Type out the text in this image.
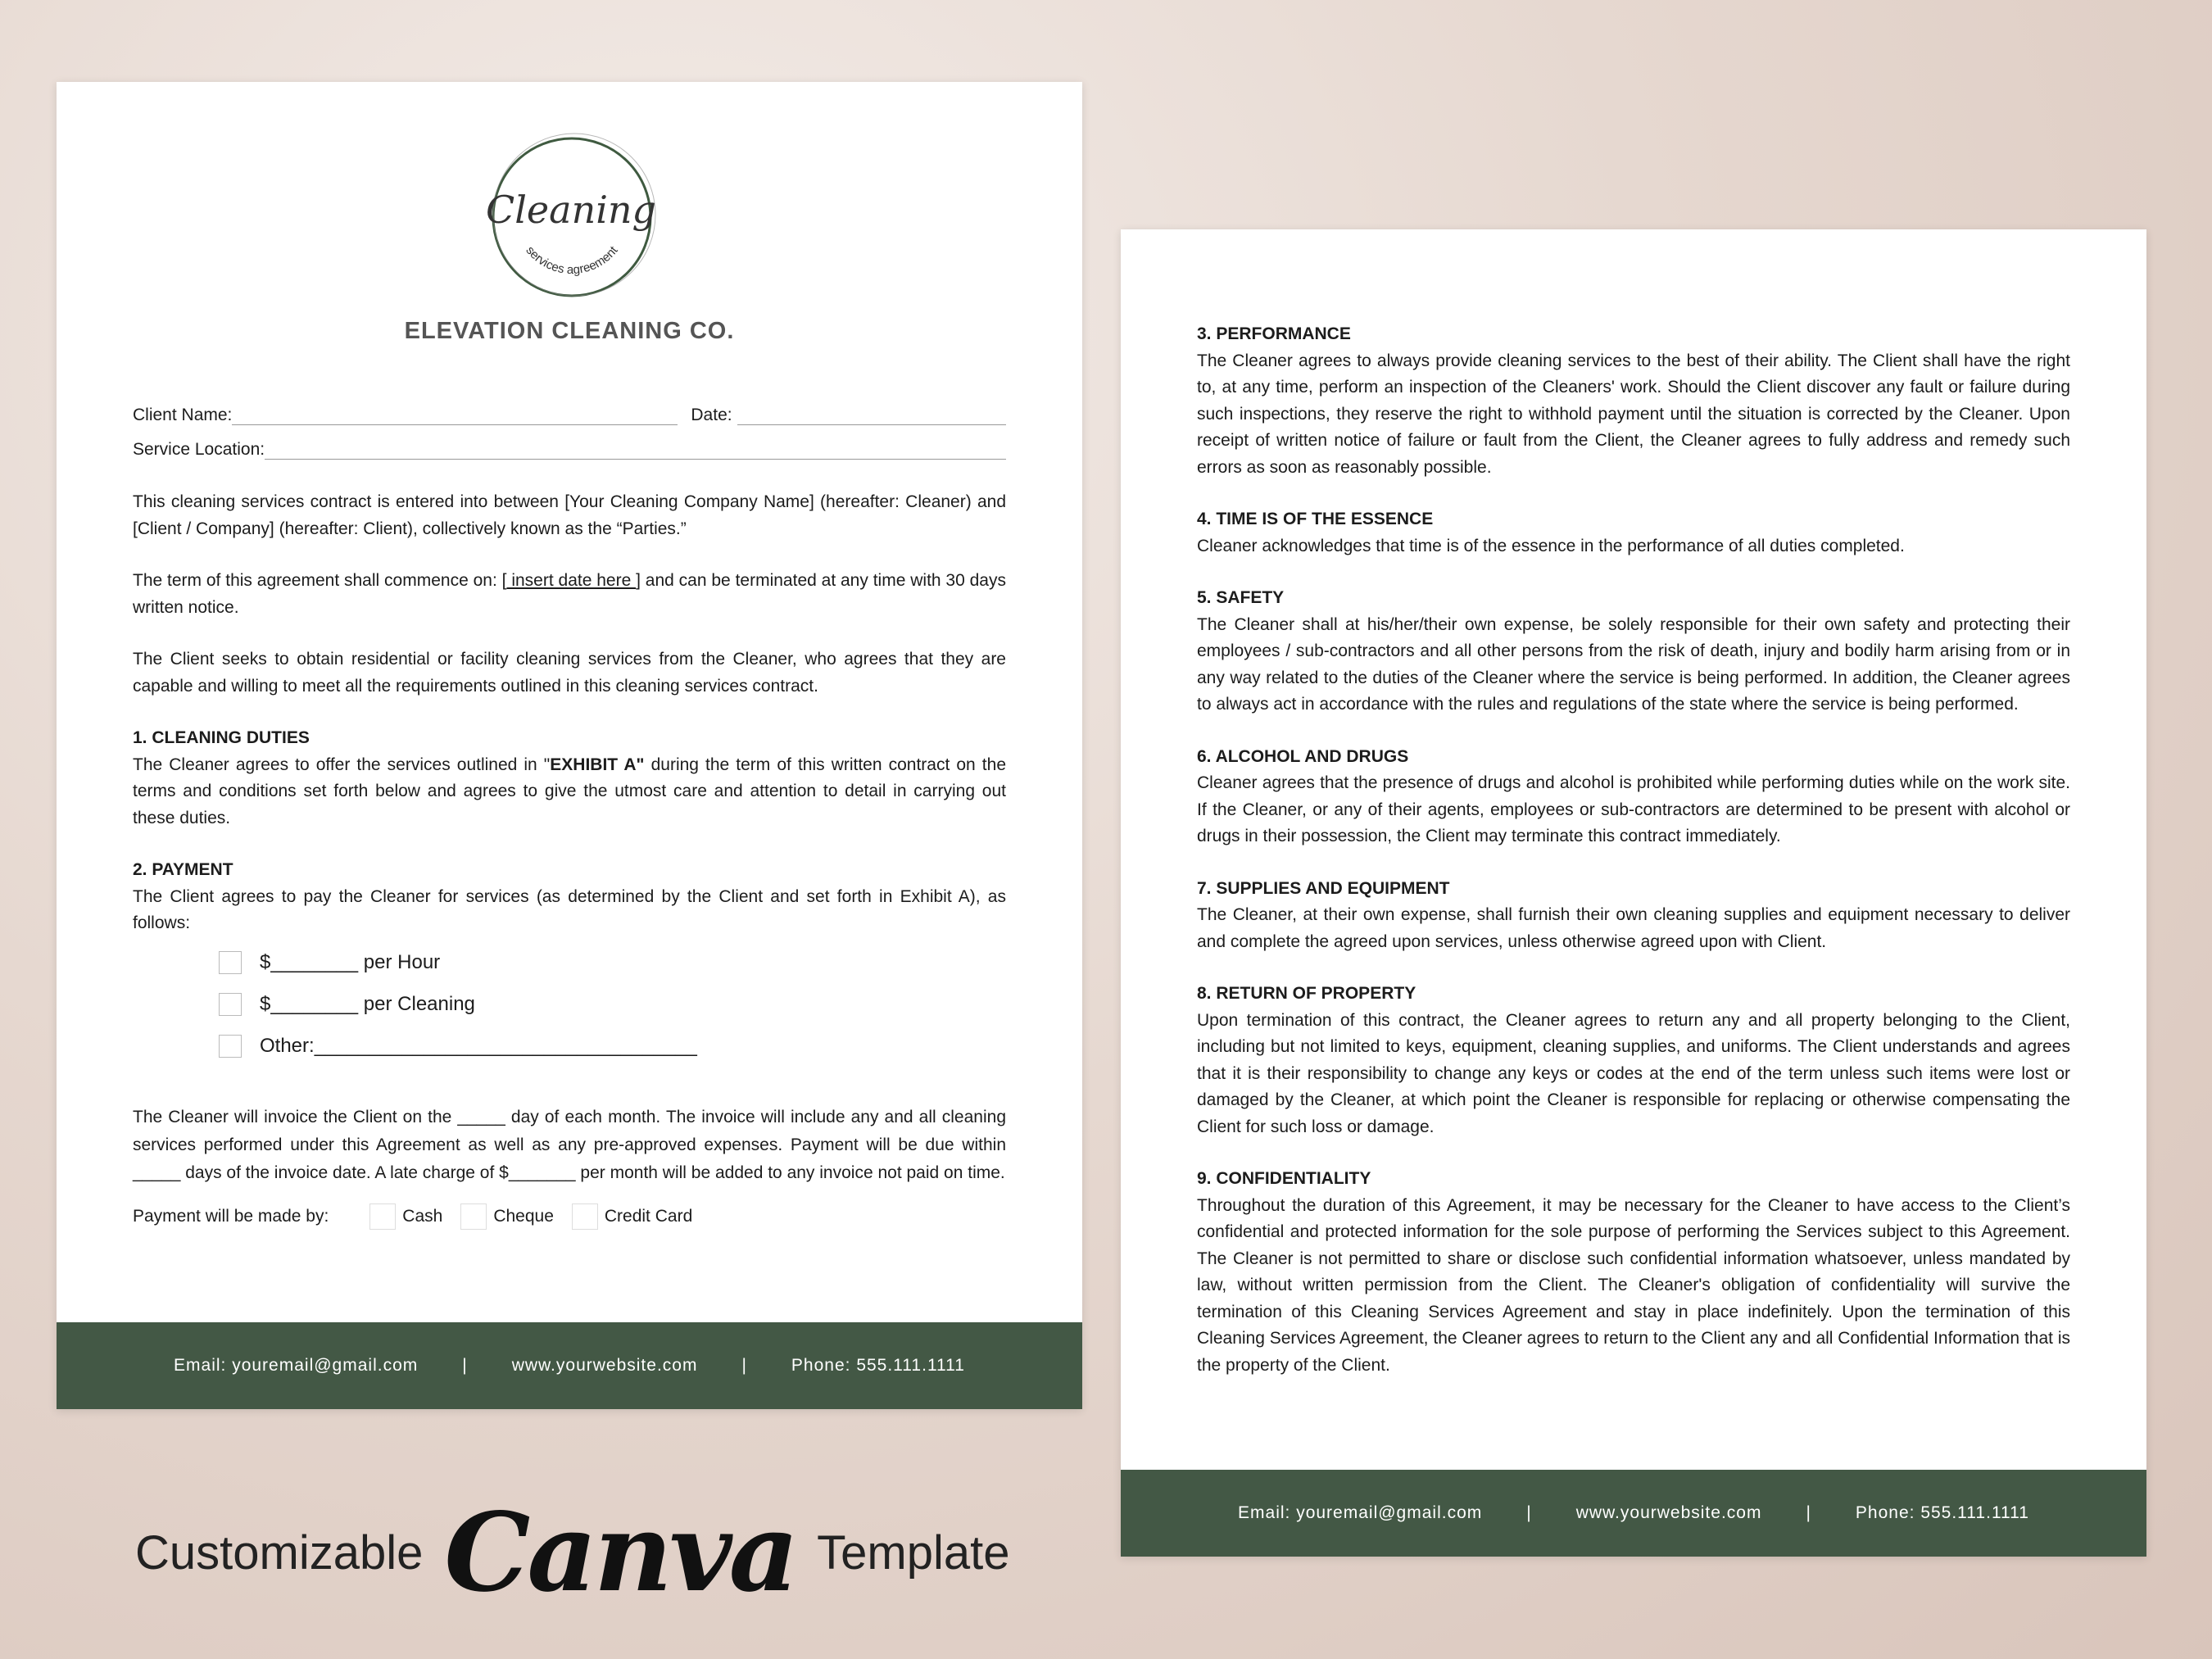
Cleaning
services agreement
ELEVATION CLEANING CO.
Client Name:	Date:
Service Location:

This cleaning services contract is entered into between [Your Cleaning Company Name] (hereafter: Cleaner) and [Client / Company] (hereafter: Client), collectively known as the “Parties.”

The term of this agreement shall commence on: [ insert date here ] and can be terminated at any time with 30 days written notice.

The Client seeks to obtain residential or facility cleaning services from the Cleaner, who agrees that they are capable and willing to meet all the requirements outlined in this cleaning services contract.

1. CLEANING DUTIES

The Cleaner agrees to offer the services outlined in "EXHIBIT A" during the term of this written contract on the terms and conditions set forth below and agrees to give the utmost care and attention to detail in carrying out these duties.

2. PAYMENT

The Client agrees to pay the Cleaner for services (as determined by the Client and set forth in Exhibit A), as follows:

$________ per Hour
$________ per Cleaning
Other:___________________________________

The Cleaner will invoice the Client on the _____ day of each month. The invoice will include any and all cleaning services performed under this Agreement as well as any pre-approved expenses. Payment will be due within _____ days of the invoice date. A late charge of $_______ per month will be added to any invoice not paid on time.

Payment will be made by:	Cash	Cheque	Credit Card
Email: youremail@gmail.com	|	www.yourwebsite.com	|	Phone: 555.111.1111

3. PERFORMANCE

The Cleaner agrees to always provide cleaning services to the best of their ability. The Client shall have the right to, at any time, perform an inspection of the Cleaners' work. Should the Client discover any fault or failure during such inspections, they reserve the right to withhold payment until the situation is corrected by the Cleaner. Upon receipt of written notice of failure or fault from the Client, the Cleaner agrees to fully address and remedy such errors as soon as reasonably possible.

4. TIME IS OF THE ESSENCE

Cleaner acknowledges that time is of the essence in the performance of all duties completed.

5. SAFETY

The Cleaner shall at his/her/their own expense, be solely responsible for their own safety and protecting their employees / sub-contractors and all other persons from the risk of death, injury and bodily harm arising from or in any way related to the duties of the Cleaner where the service is being performed. In addition, the Cleaner agrees to always act in accordance with the rules and regulations of the state where the service is being performed.

6. ALCOHOL AND DRUGS

Cleaner agrees that the presence of drugs and alcohol is prohibited while performing duties while on the work site. If the Cleaner, or any of their agents, employees or sub-contractors are determined to be present with alcohol or drugs in their possession, the Client may terminate this contract immediately.

7. SUPPLIES AND EQUIPMENT

The Cleaner, at their own expense, shall furnish their own cleaning supplies and equipment necessary to deliver and complete the agreed upon services, unless otherwise agreed upon with Client.

8. RETURN OF PROPERTY

Upon termination of this contract, the Cleaner agrees to return any and all property belonging to the Client, including but not limited to keys, equipment, cleaning supplies, and uniforms. The Client understands and agrees that it is their responsibility to change any keys or codes at the end of the term unless such items were lost or damaged by the Cleaner, at which point the Cleaner is responsible for replacing or otherwise compensating the Client for such loss or damage.

9. CONFIDENTIALITY

Throughout the duration of this Agreement, it may be necessary for the Cleaner to have access to the Client’s confidential and protected information for the sole purpose of performing the Services subject to this Agreement. The Cleaner is not permitted to share or disclose such confidential information whatsoever, unless mandated by law, without written permission from the Client. The Cleaner's obligation of confidentiality will survive the termination of this Cleaning Services Agreement and stay in place indefinitely. Upon the termination of this Cleaning Services Agreement, the Cleaner agrees to return to the Client any and all Confidential Information that is the property of the Client.

Email: youremail@gmail.com	|	www.yourwebsite.com	|	Phone: 555.111.1111
Customizable Canva Template
